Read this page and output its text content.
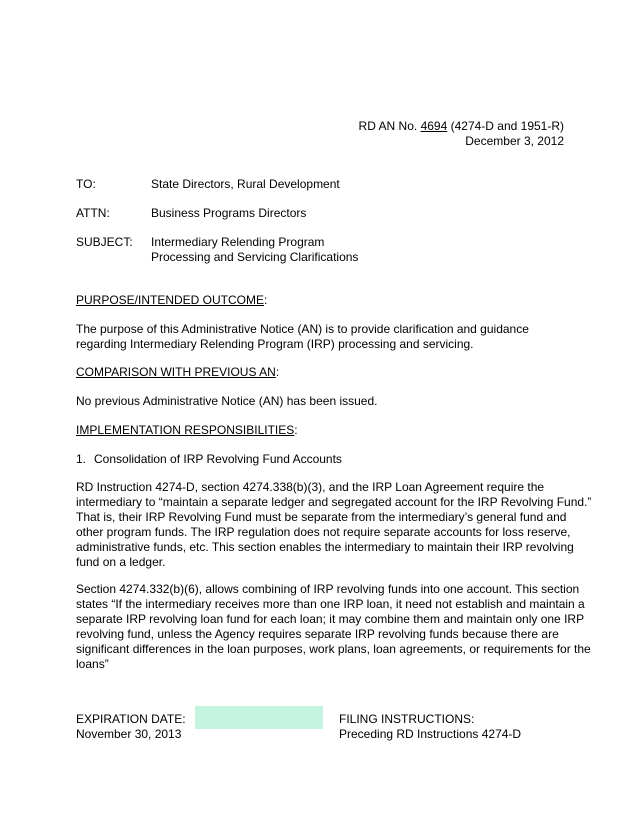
RD AN No. 4694 (4274-D and 1951-R)
December 3, 2012
TO:	State Directors, Rural Development
ATTN:	Business Programs Directors
SUBJECT: Intermediary Relending Program
Processing and Servicing Clarifications
PURPOSE/INTENDED OUTCOME:
The purpose of this Administrative Notice (AN) is to provide clarification and guidance
regarding Intermediary Relending Program (IRP) processing and servicing.
COMPARISON WITH PREVIOUS AN:
No previous Administrative Notice (AN) has been issued.
IMPLEMENTATION RESPONSIBILITIES:
1. Consolidation of IRP Revolving Fund Accounts
RD Instruction 4274-D, section 4274.338(b)(3), and the IRP Loan Agreement require the
intermediary to “maintain a separate ledger and segregated account for the IRP Revolving Fund.”
That is, their IRP Revolving Fund must be separate from the intermediary’s general fund and
other program funds. The IRP regulation does not require separate accounts for loss reserve,
administrative funds, etc. This section enables the intermediary to maintain their IRP revolving
fund on a ledger.
Section 4274.332(b)(6), allows combining of IRP revolving funds into one account. This section
states “If the intermediary receives more than one IRP loan, it need not establish and maintain a
separate IRP revolving loan fund for each loan; it may combine them and maintain only one IRP
revolving fund, unless the Agency requires separate IRP revolving funds because there are
significant differences in the loan purposes, work plans, loan agreements, or requirements for the
loans”
EXPIRATION DATE:
November 30, 2013
FILING INSTRUCTIONS:
Preceding RD Instructions 4274-D
